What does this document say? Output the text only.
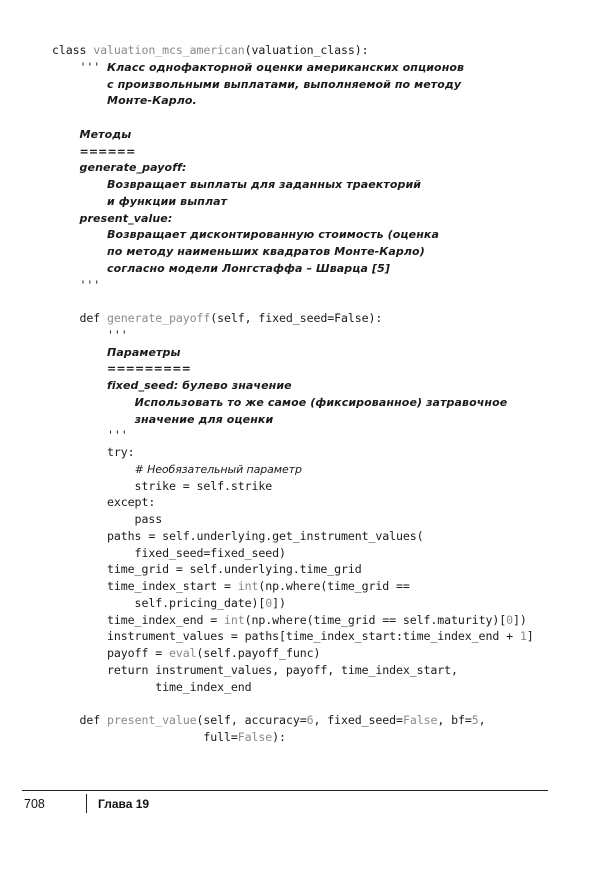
class valuation_mcs_american(valuation_class):
''' Класс однофакторной оценки американских опционов
с произвольными выплатами, выполняемой по методу
Монте-Карло.
Методы
======
generate_payoff:
Возвращает выплаты для заданных траекторий
и функции выплат
present_value:
Возвращает дисконтированную стоимость (оценка
по методу наименьших квадратов Монте-Карло)
согласно модели Лонгстаффа – Шварца [5]
'''
def generate_payoff(self, fixed_seed=False):
'''
Параметры
=========
fixed_seed: булево значение
Использовать то же самое (фиксированное) затравочное
значение для оценки
'''
try:
# Необязательный параметр
strike = self.strike
except:
pass
paths = self.underlying.get_instrument_values(
fixed_seed=fixed_seed)
time_grid = self.underlying.time_grid
time_index_start = int(np.where(time_grid ==
self.pricing_date)[0])
time_index_end = int(np.where(time_grid == self.maturity)[0])
instrument_values = paths[time_index_start:time_index_end + 1]
payoff = eval(self.payoff_func)
return instrument_values, payoff, time_index_start,
time_index_end
def present_value(self, accuracy=6, fixed_seed=False, bf=5,
full=False):
708	Глава 19
